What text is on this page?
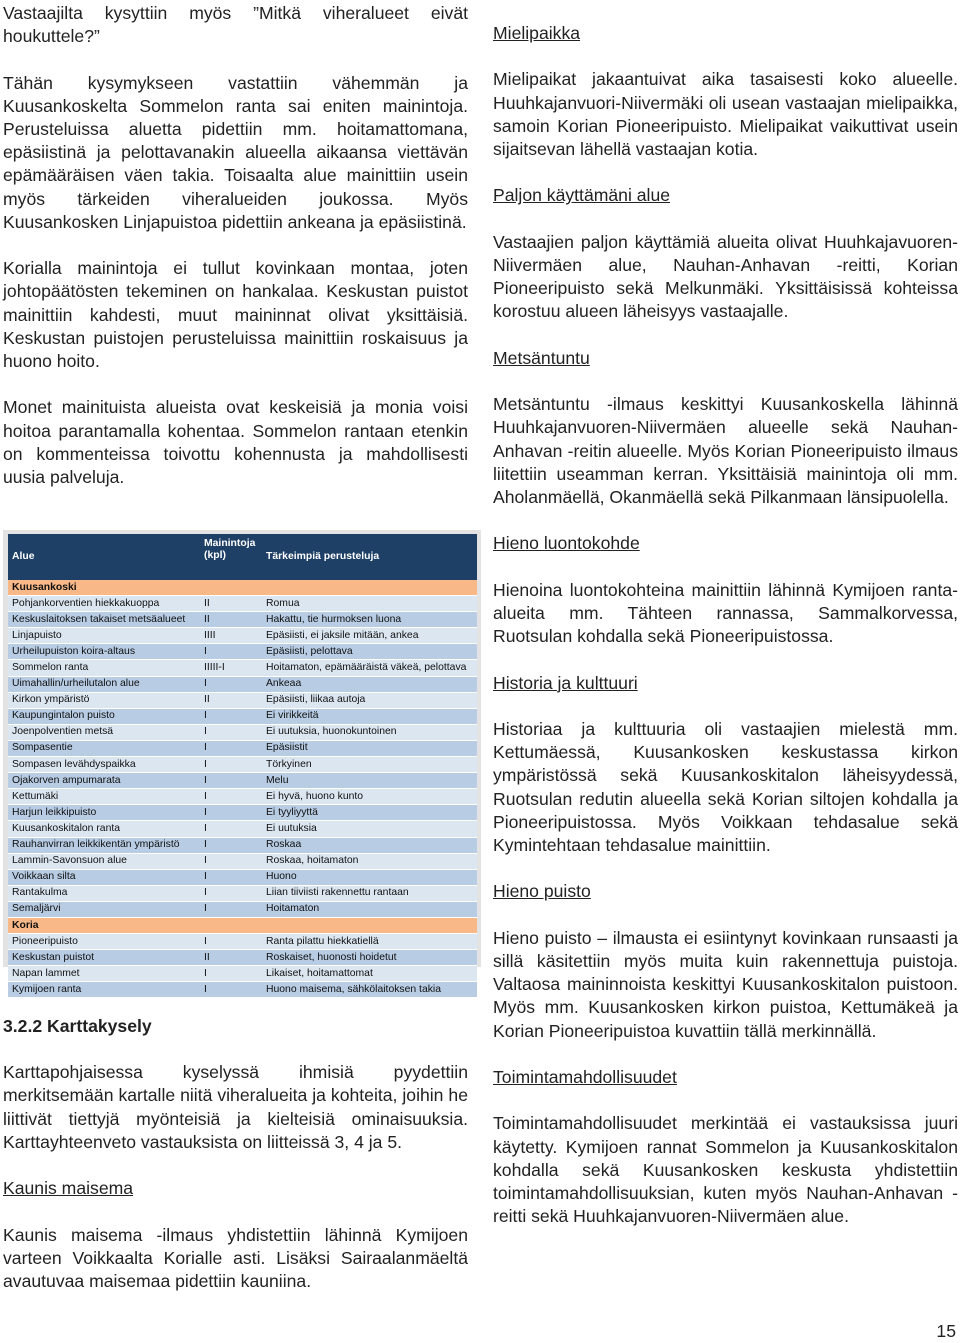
Vastaajilta kysyttiin myös ”Mitkä viheralueet eivät houkuttele?”

Tähän kysymykseen vastattiin vähemmän ja Kuusankoskelta Sommelon ranta sai eniten mainintoja. Perusteluissa aluetta pidettiin mm. hoitamattomana, epäsiistinä ja pelottavanakin alueella aikaansa viettävän epämääräisen väen takia. Toisaalta alue mainittiin usein myös tärkeiden viheralueiden joukossa. Myös Kuusankosken Linjapuistoa pidettiin ankeana ja epäsiistinä.

Korialla mainintoja ei tullut kovinkaan montaa, joten johtopäätösten tekeminen on hankalaa. Keskustan puistot mainittiin kahdesti, muut maininnat olivat yksittäisiä. Keskustan puistojen perusteluissa mainittiin roskaisuus ja huono hoito.

Monet mainituista alueista ovat keskeisiä ja monia voisi hoitoa parantamalla kohentaa. Sommelon rantaan etenkin on kommenteissa toivottu kohennusta ja mahdollisesti uusia palveluja.

Alue	Mainintoja (kpl)	Tärkeimpiä perusteluja
Kuusankoski		
Pohjankorventien hiekkakuoppa	II	Romua
Keskuslaitoksen takaiset metsäalueet	II	Hakattu, tie hurmoksen luona
Linjapuisto	IIII	Epäsiisti, ei jaksile mitään, ankea
Urheilupuiston koira-altaus	I	Epäsiisti, pelottava
Sommelon ranta	IIIII-I	Hoitamaton, epämääräistä väkeä, pelottava
Uimahallin/urheilutalon alue	I	Ankeaa
Kirkon ympäristö	II	Epäsiisti, liikaa autoja
Kaupungintalon puisto	I	Ei virikkeitä
Joenpolventien metsä	I	Ei uutuksia, huonokuntoinen
Sompasentie	I	Epäsiistit
Sompasen levähdyspaikka	I	Törkyinen
Ojakorven ampumarata	I	Melu
Kettumäki	I	Ei hyvä, huono kunto
Harjun leikkipuisto	I	Ei tyyliyyttä
Kuusankoskitalon ranta	I	Ei uutuksia
Rauhanvirran leikkikentän ympäristö	I	Roskaa
Lammin-Savonsuon alue	I	Roskaa, hoitamaton
Voikkaan silta	I	Huono
Rantakulma	I	Liian tiiviisti rakennettu rantaan
Semaljärvi	I	Hoitamaton
Koria		
Pioneeripuisto	I	Ranta pilattu hiekkatiellä
Keskustan puistot	II	Roskaiset, huonosti hoidetut
Napan lammet	I	Likaiset, hoitamattomat
Kymijoen ranta	I	Huono maisema, sähkölaitoksen takia
3.2.2 Karttakysely

Karttapohjaisessa kyselyssä ihmisiä pyydettiin merkitsemään kartalle niitä viheralueita ja kohteita, joihin he liittivät tiettyjä myönteisiä ja kielteisiä ominaisuuksia. Karttayhteenveto vastauksista on liitteissä 3, 4 ja 5.

Kaunis maisema

Kaunis maisema -ilmaus yhdistettiin lähinnä Kymijoen varteen Voikkaalta Korialle asti. Lisäksi Sairaalanmäeltä avautuvaa maisemaa pidettiin kauniina.

Mielipaikka

Mielipaikat jakaantuivat aika tasaisesti koko alueelle. Huuhkajanvuori-Niivermäki oli usean vastaajan mielipaikka, samoin Korian Pioneeripuisto. Mielipaikat vaikuttivat usein sijaitsevan lähellä vastaajan kotia.

Paljon käyttämäni alue

Vastaajien paljon käyttämiä alueita olivat Huuhkajavuoren-Niivermäen alue, Nauhan-Anhavan -reitti, Korian Pioneeripuisto sekä Melkunmäki. Yksittäisissä kohteissa korostuu alueen läheisyys vastaajalle.

Metsäntuntu

Metsäntuntu -ilmaus keskittyi Kuusankoskella lähinnä Huuhkajanvuoren-Niivermäen alueelle sekä Nauhan-Anhavan -reitin alueelle. Myös Korian Pioneeripuisto ilmaus liitettiin useamman kerran. Yksittäisiä mainintoja oli mm. Aholanmäellä, Okanmäellä sekä Pilkanmaan länsipuolella.

Hieno luontokohde

Hienoina luontokohteina mainittiin lähinnä Kymijoen ranta-alueita mm. Tähteen rannassa, Sammalkorvessa, Ruotsulan kohdalla sekä Pioneeripuistossa.

Historia ja kulttuuri

Historiaa ja kulttuuria oli vastaajien mielestä mm. Kettumäessä, Kuusankosken keskustassa kirkon ympäristössä sekä Kuusankoskitalon läheisyydessä, Ruotsulan redutin alueella sekä Korian siltojen kohdalla ja Pioneeripuistossa. Myös Voikkaan tehdasalue sekä Kymintehtaan tehdasalue mainittiin.

Hieno puisto

Hieno puisto – ilmausta ei esiintynyt kovinkaan runsaasti ja sillä käsitettiin myös muita kuin rakennettuja puistoja. Valtaosa maininnoista keskittyi Kuusankoskitalon puistoon. Myös mm. Kuusankosken kirkon puistoa, Kettumäkeä ja Korian Pioneeripuistoa kuvattiin tällä merkinnällä.

Toimintamahdollisuudet

Toimintamahdollisuudet merkintää ei vastauksissa juuri käytetty. Kymijoen rannat Sommelon ja Kuusankoskitalon kohdalla sekä Kuusankosken keskusta yhdistettiin toimintamahdollisuuksian, kuten myös Nauhan-Anhavan -reitti sekä Huuhkajanvuoren-Niivermäen alue.

15
